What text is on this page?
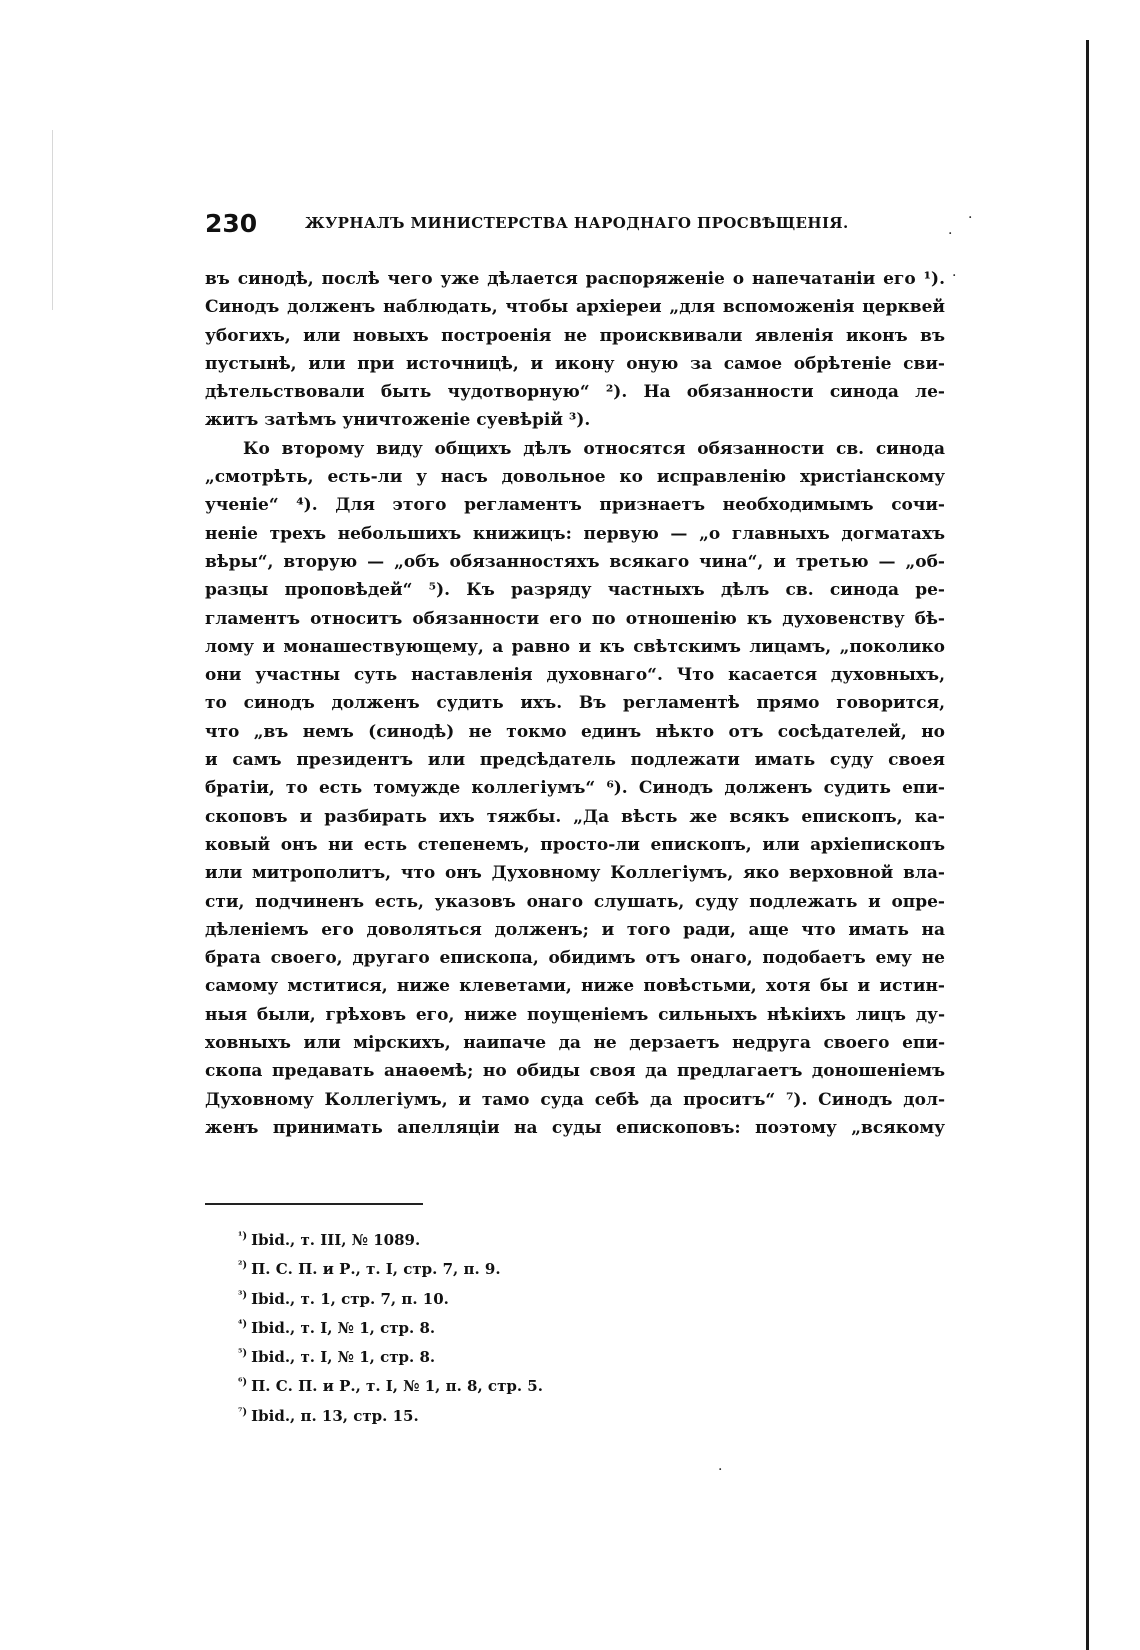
230	ЖУРНАЛЪ МИНИСТЕРСТВА НАРОДНАГО ПРОСВѢЩЕНІЯ.
·
·
·
въ синодѣ, послѣ чего уже дѣлается распоряженіе о напечатаніи его ¹).
Синодъ долженъ наблюдать, чтобы архіереи „для вспоможенія церквей
убогихъ, или новыхъ построенія не происквивали явленія иконъ въ
пустынѣ, или при источницѣ, и икону оную за самое обрѣтеніе сви-
дѣтельствовали быть чудотворную“ ²). На обязанности синода ле-
житъ затѣмъ уничтоженіе суевѣрій ³).
Ко второму виду общихъ дѣлъ относятся обязанности св. синода
„смотрѣть, есть-ли у насъ довольное ко исправленію христіанскому
ученіе“ ⁴). Для этого регламентъ признаетъ необходимымъ сочи-
неніе трехъ небольшихъ книжицъ: первую — „о главныхъ догматахъ
вѣры“, вторую — „объ обязанностяхъ всякаго чина“, и третью — „об-
разцы проповѣдей“ ⁵). Къ разряду частныхъ дѣлъ св. синода ре-
гламентъ относитъ обязанности его по отношенію къ духовенству бѣ-
лому и монашествующему, а равно и къ свѣтскимъ лицамъ, „поколико
они участны суть наставленія духовнаго“. Что касается духовныхъ,
то синодъ долженъ судить ихъ. Въ регламентѣ прямо говорится,
что „въ немъ (синодѣ) не токмо единъ нѣкто отъ сосѣдателей, но
и самъ президентъ или предсѣдатель подлежати имать суду своея
братіи, то есть томужде коллегіумъ“ ⁶). Синодъ долженъ судить епи-
скоповъ и разбирать ихъ тяжбы. „Да вѣсть же всякъ епископъ, ка-
ковый онъ ни есть степенемъ, просто-ли епископъ, или архіепископъ
или митрополитъ, что онъ Духовному Коллегіумъ, яко верховной вла-
сти, подчиненъ есть, указовъ онаго слушать, суду подлежать и опре-
дѣленіемъ его доволяться долженъ; и того ради, аще что имать на
брата своего, другаго епископа, обидимъ отъ онаго, подобаетъ ему не
самому мститися, ниже клеветами, ниже повѣстьми, хотя бы и истин-
ныя были, грѣховъ его, ниже поущеніемъ сильныхъ нѣкіихъ лицъ ду-
ховныхъ или мірскихъ, наипаче да не дерзаетъ недруга своего епи-
скопа предавать анаѳемѣ; но обиды своя да предлагаетъ доношеніемъ
Духовному Коллегіумъ, и тамо суда себѣ да проситъ“ ⁷). Синодъ дол-
женъ принимать апелляціи на суды епископовъ: поэтому „всякому
$^{^1)}$ Ibid., т. III, № 1089.
$^{^2)}$ П. С. П. и Р., т. I, стр. 7, п. 9.
$^{^3)}$ Ibid., т. 1, стр. 7, п. 10.
$^{^4)}$ Ibid., т. I, № 1, стр. 8.
$^{^5)}$ Ibid., т. I, № 1, стр. 8.
$^{^6)}$ П. С. П. и Р., т. I, № 1, п. 8, стр. 5.
$^{^7)}$ Ibid., п. 13, стр. 15.
·
